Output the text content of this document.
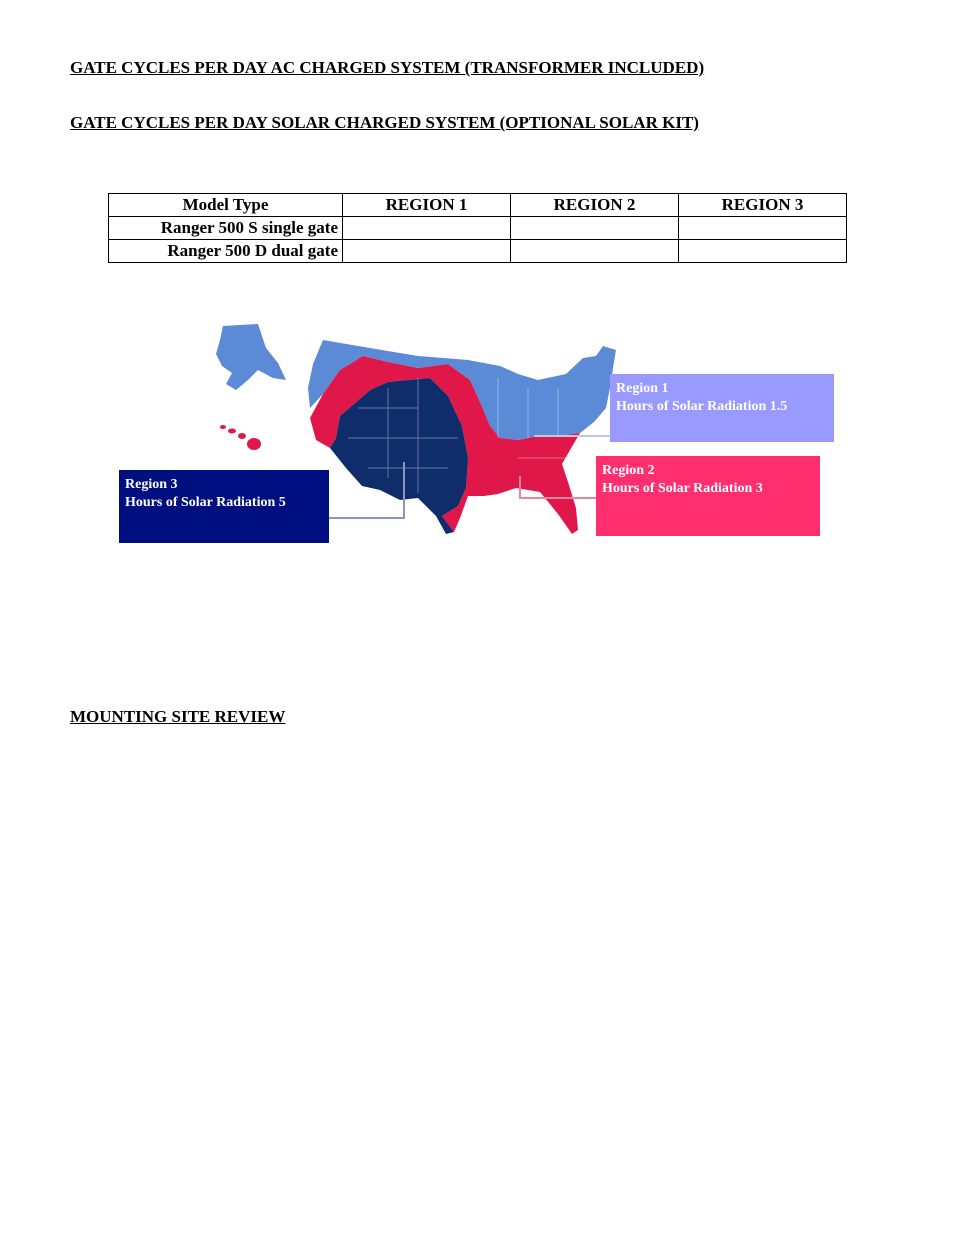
GATE CYCLES PER DAY AC CHARGED SYSTEM (TRANSFORMER INCLUDED)
GATE CYCLES PER DAY SOLAR CHARGED SYSTEM (OPTIONAL SOLAR KIT)
Model Type	REGION 1	REGION 2	REGION 3
Ranger 500 S single gate			
Ranger 500 D dual gate			
Region 1
Hours of Solar Radiation 1.5
Region 2
Hours of Solar Radiation 3
Region 3
Hours of Solar Radiation 5
MOUNTING SITE REVIEW
